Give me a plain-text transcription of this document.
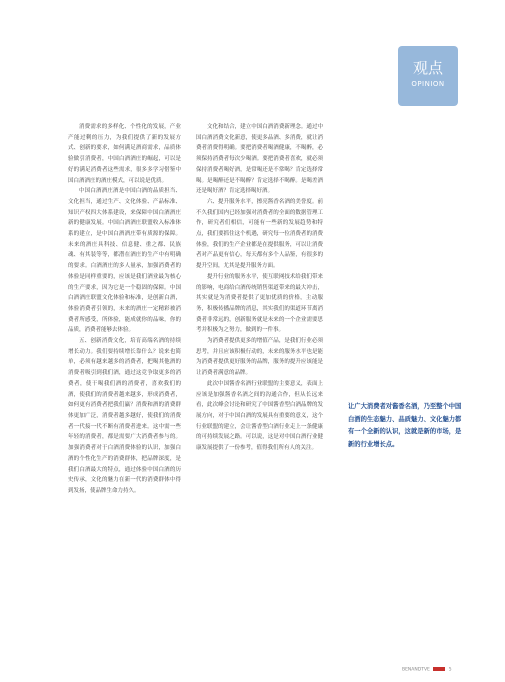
观点
OPINION

消费需求的多样化、个性化的发展，产业产能过剩的压力，为我们提供了新的发展方式、创新的要求，如何满足酒商需求，品质体验做引消费者，中国白酒酒庄的崛起，可以是好的满足消费者这些需求，很多多学习借鉴中国白酒酒庄的酒庄模式，可以说是优质。

中国白酒酒庄酒是中国白酒的品质担当、文化担当，通过生产、文化体验、产品标准、知识产权四大体系建设，来保障中国白酒酒庄新的健康发展。中国白酒酒庄联盟收入标准体系的建立，是中国白酒酒庄带有质源的保障。未来的酒庄具科技、信息健、重之都、民族魂、有其装等等，都潜在酒庄的生产中有明确的要求。白酒酒庄的多人量承，加强消费者的体验是同样重要的，应该是我们酒业最为核心的生产要求，因为它是一个稳固的保障。中国白酒酒庄联盟文化体验和标准，是创新白酒，体验消费者引领的，未来的酒庄一定精彩被消费者所感受，所体验，能成就你的品味，你的品质，消费者能够去体验。

五、创新消费文化，培育高端名酒的持续增长动力。我们要持续增长靠什么？说来也简单，必须有越来越多的消费者，把喝其他酒的消费者吸引到我们酒，通过这竞争取更多的消费者，使干喝我们酒的消费者，喜欢我们的酒，使我们的消费者越来越多，形成消费者，如何更有消费者把我们赢？消费和酒的消费群体更加广泛，消费者越多越好，使我们的消费者一代接一代不断有消费者进来。这中需一些年轻的消费者，都是需要广大消费者参与的。加强消费者对于白酒消费体验的认识，加强白酒的个性化生产的消费群体，把品牌深度，是我们白酒最大的特点，通过体验中国白酒的历史传承，文化的魅力在新一代的消费群体中得到发扬，使品牌生命力持久。

文化和结合，建立中国白酒消费新理念。通过中国白酒消费文化新意，使更多品酒、多消费，就让消费者消费得明确。要把消费者喝酒健康，不喝醉，必须保持消费者每次少喝酒。要把消费者喜欢，就必须保持消费者喝好酒，是常喝还是不常喝？肯定选择常喝。是喝醉还是不喝醉？肯定选择不喝醉。是喝差酒还是喝好酒？肯定选择喝好酒。

六、提升服务水平，擦亮酱香名酒的美誉度。前不久我们国内已经加强对消费者的全面的数据管理工作，研究者们相信，可能有一些新的发展趋势和特点，我们要抓住这个机遇，研究每一位消费者的消费体验，我们的生产企业都是在提供服务，可以让消费者对产品更有信心，每天都有多个人品鉴，有很多的提升空间，尤其是提升服务方面。

提升行业的服务水平，使互联网技术给我们带来的影响，电商给白酒传统销售渠道带来的最大冲击，其实就是为消费者提供了更加优质的价格，主动服务，积极传播品牌的消息，其实我们的渠道环节离消费者非常远的，创新服务就是未来的一个企业需要思考并积极为之努力，做到的一件事。

为消费者提供更多的增值产品，是我们行业必须思考，并且应该积极行动的，未来的服务水平也是能为消费者提供更好服务的品牌，服务的提升应该能是让消费者满意的品牌。

此次中国酱香名酒行业联盟的主要意义，表面上应该是加强酱香名酒之间的沟通合作，但从长远来看，此次峰会讨论和研究了中国酱香型白酒品牌的发展方向，对于中国白酒的发展具有重要的意义，这个行业联盟的建立，会让酱香型白酒行业走上一条健康的可持续发展之路。可以说，这是对中国白酒行业健康发展提供了一份参考，值得我们所有人的关注。

让广大消费者对酱香名酒，乃至整个中国白酒的生态魅力、品质魅力、文化魅力都有一个全新的认识，这就是新的市场，是新的行业增长点。
BENANDTVE	5
